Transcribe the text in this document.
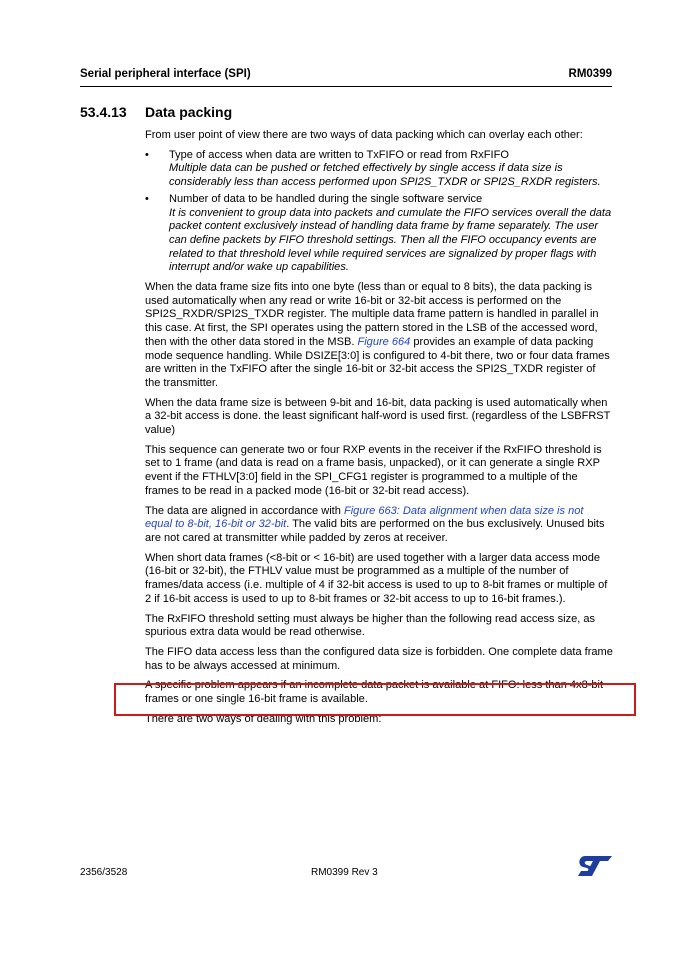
Serial peripheral interface (SPI)	RM0399
53.4.13 Data packing

From user point of view there are two ways of data packing which can overlay each other:

• Type of access when data are written to TxFIFO or read from RxFIFO
Multiple data can be pushed or fetched effectively by single access if data size is considerably less than access performed upon SPI2S_TXDR or SPI2S_RXDR registers.
• Number of data to be handled during the single software service
It is convenient to group data into packets and cumulate the FIFO services overall the data packet content exclusively instead of handling data frame by frame separately. The user can define packets by FIFO threshold settings. Then all the FIFO occupancy events are related to that threshold level while required services are signalized by proper flags with interrupt and/or wake up capabilities.

When the data frame size fits into one byte (less than or equal to 8 bits), the data packing is used automatically when any read or write 16-bit or 32-bit access is performed on the SPI2S_RXDR/SPI2S_TXDR register. The multiple data frame pattern is handled in parallel in this case. At first, the SPI operates using the pattern stored in the LSB of the accessed word, then with the other data stored in the MSB. Figure 664 provides an example of data packing mode sequence handling. While DSIZE[3:0] is configured to 4-bit there, two or four data frames are written in the TxFIFO after the single 16-bit or 32-bit access the SPI2S_TXDR register of the transmitter.

When the data frame size is between 9-bit and 16-bit, data packing is used automatically when a 32-bit access is done. the least significant half-word is used first. (regardless of the LSBFRST value)

This sequence can generate two or four RXP events in the receiver if the RxFIFO threshold is set to 1 frame (and data is read on a frame basis, unpacked), or it can generate a single RXP event if the FTHLV[3:0] field in the SPI_CFG1 register is programmed to a multiple of the frames to be read in a packed mode (16-bit or 32-bit read access).

The data are aligned in accordance with Figure 663: Data alignment when data size is not equal to 8-bit, 16-bit or 32-bit. The valid bits are performed on the bus exclusively. Unused bits are not cared at transmitter while padded by zeros at receiver.

When short data frames (<8-bit or < 16-bit) are used together with a larger data access mode (16-bit or 32-bit), the FTHLV value must be programmed as a multiple of the number of frames/data access (i.e. multiple of 4 if 32-bit access is used to up to 8-bit frames or multiple of 2 if 16-bit access is used to up to 8-bit frames or 32-bit access to up to 16-bit frames.).

The RxFIFO threshold setting must always be higher than the following read access size, as spurious extra data would be read otherwise.

The FIFO data access less than the configured data size is forbidden. One complete data frame has to be always accessed at minimum.

A specific problem appears if an incomplete data packet is available at FIFO: less than 4x8-bit frames or one single 16-bit frame is available.

There are two ways of dealing with this problem:

2356/3528	RM0399 Rev 3
